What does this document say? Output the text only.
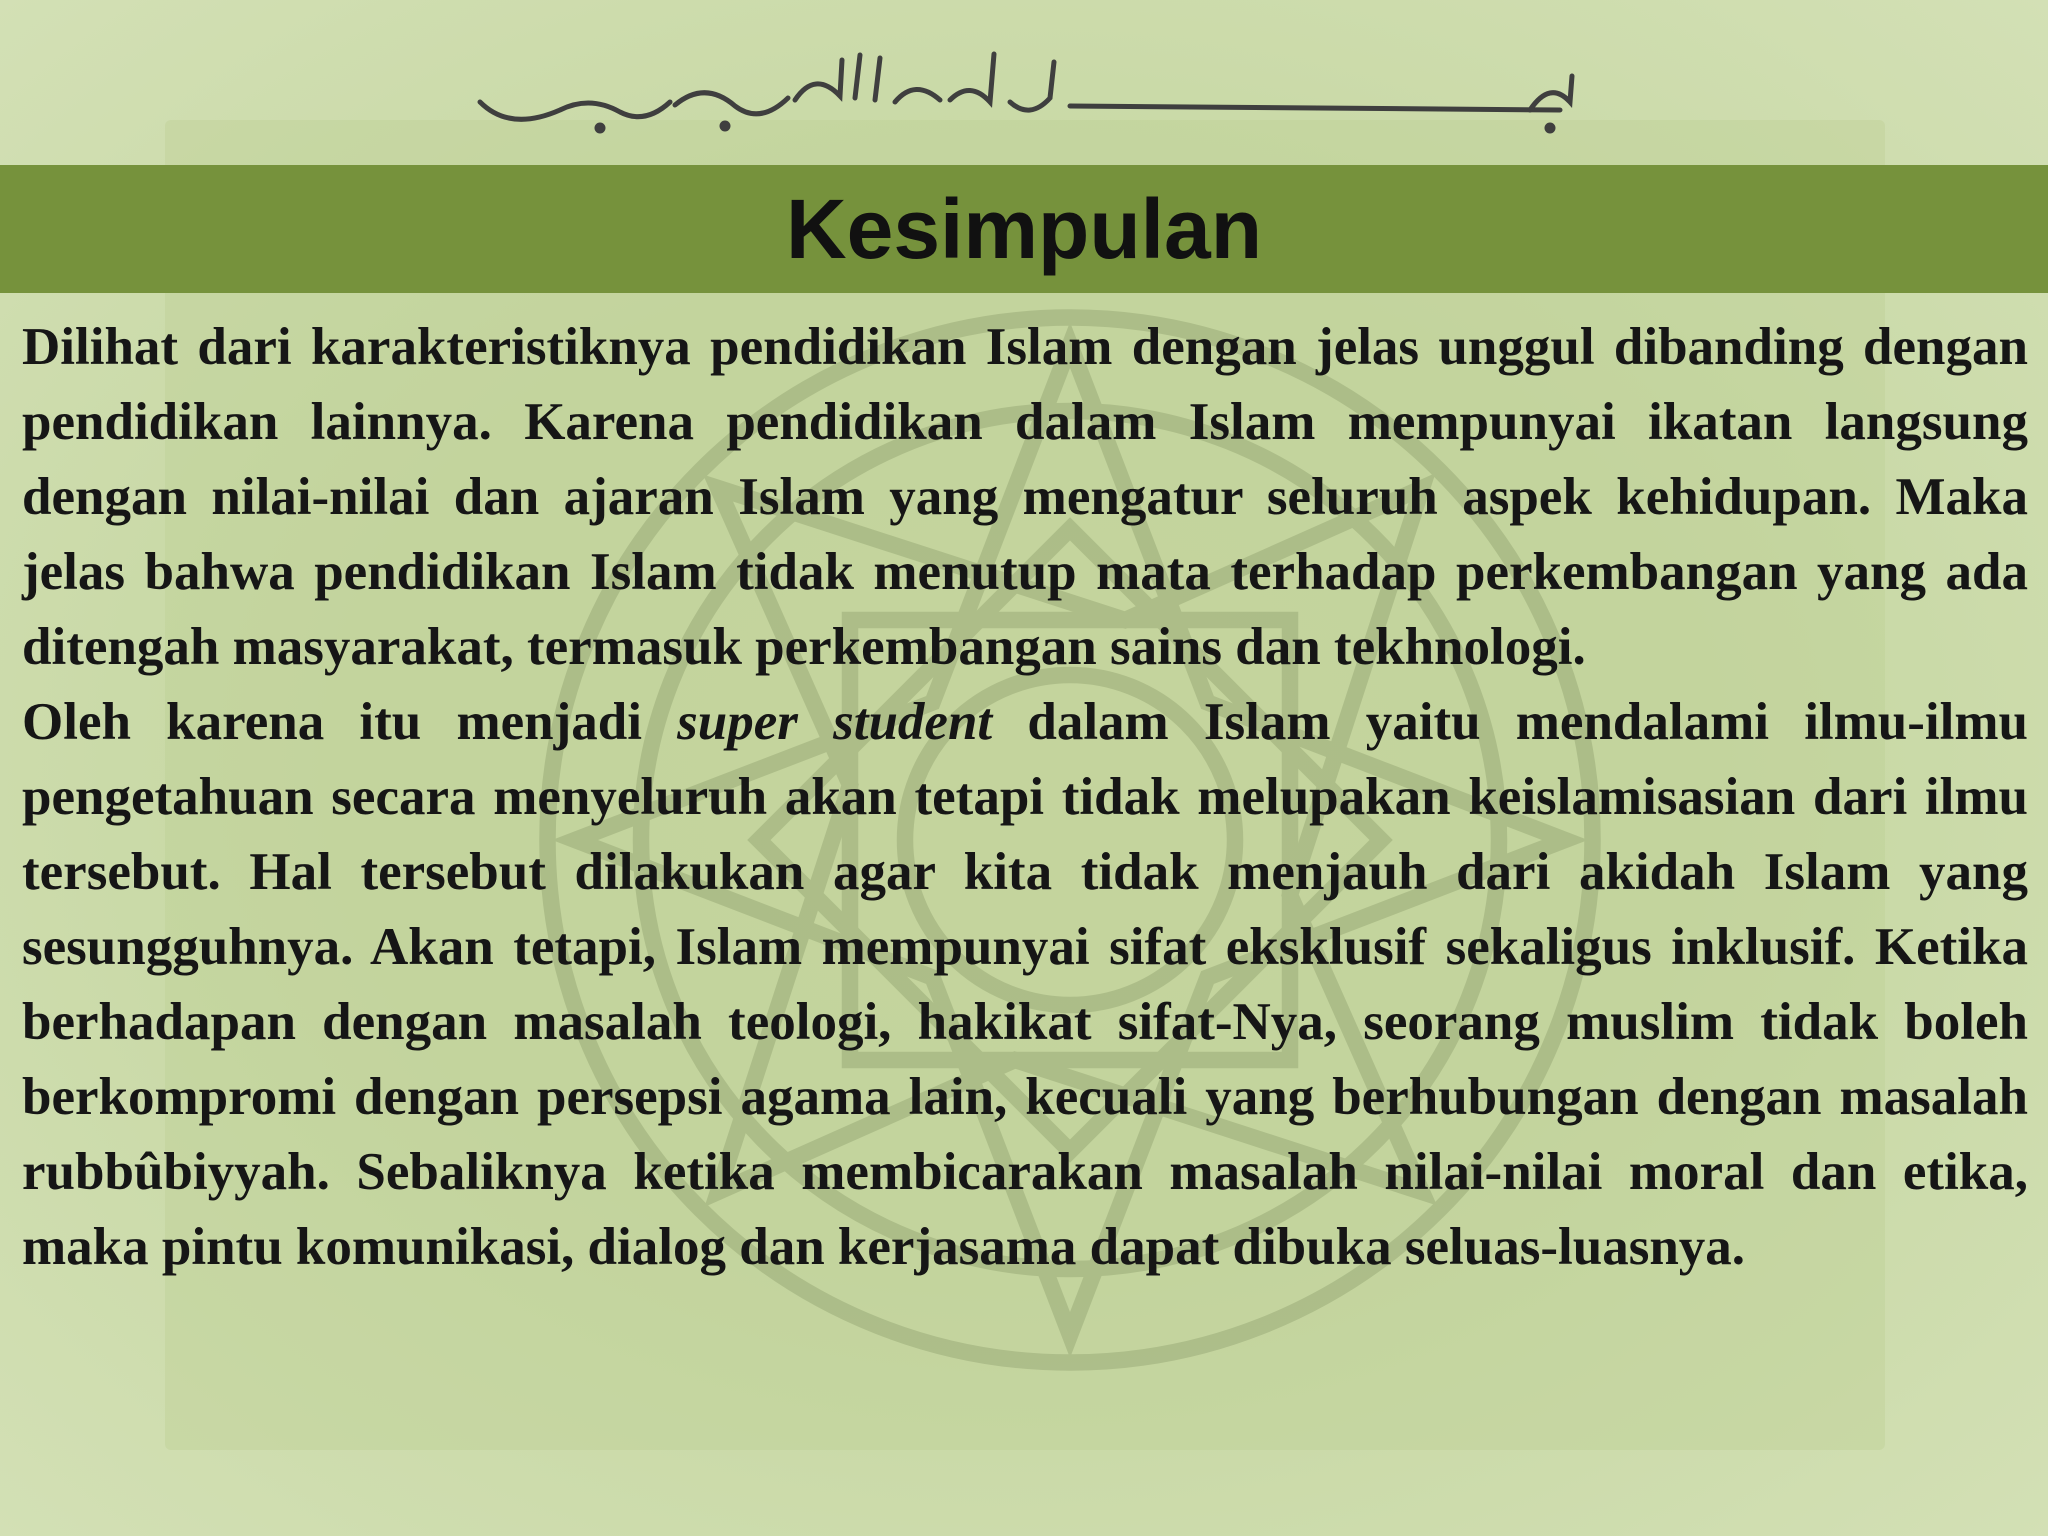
Kesimpulan

Dilihat dari karakteristiknya pendidikan Islam dengan jelas unggul dibanding dengan pendidikan lainnya. Karena pendidikan dalam Islam mempunyai ikatan langsung dengan nilai-nilai dan ajaran Islam yang mengatur seluruh aspek kehidupan. Maka jelas bahwa pendidikan Islam tidak menutup mata terhadap perkembangan yang ada ditengah masyarakat, termasuk perkembangan sains dan tekhnologi.

Oleh karena itu menjadi super student dalam Islam yaitu mendalami ilmu-ilmu pengetahuan secara menyeluruh akan tetapi tidak melupakan keislamisasian dari ilmu tersebut. Hal tersebut dilakukan agar kita tidak menjauh dari akidah Islam yang sesungguhnya. Akan tetapi, Islam mempunyai sifat eksklusif sekaligus inklusif. Ketika berhadapan dengan masalah teologi, hakikat sifat-Nya, seorang muslim tidak boleh berkompromi dengan persepsi agama lain, kecuali yang berhubungan dengan masalah rubbûbiyyah. Sebaliknya ketika membicarakan masalah nilai-nilai moral dan etika, maka pintu komunikasi, dialog dan kerjasama dapat dibuka seluas-luasnya.
